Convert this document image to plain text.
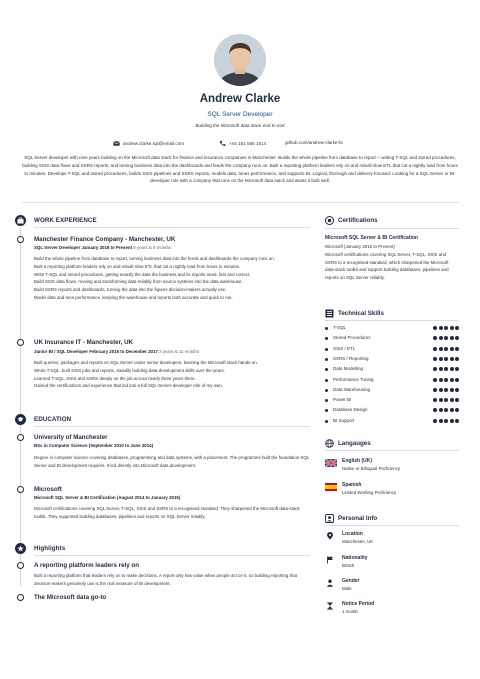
Andrew Clarke
SQL Server Developer
Building the Microsoft data stack end to end
andrew.clarke.sql@email.com	+44 161 555 1514	github.com/andrew-clarke-bi
SQL Server developer with nine years building on the Microsoft data stack for finance and insurance companies in Manchester. Builds the whole pipeline from database to report -- writing T-SQL and stored procedures, building SSIS data flows and SSRS reports, and turning business data into the dashboards and feeds the company runs on. Built a reporting platform leaders rely on and rebuilt slow ETL that cut a nightly load from hours to minutes. Develops T-SQL and stored procedures, builds SSIS pipelines and SSRS reports, models data, tunes performance, and supports BI. Logical, thorough and delivery-focused. Looking for a SQL-Server or BI-developer role with a company that runs on the Microsoft data stack and wants it built well.
WORK EXPERIENCE
Manchester Finance Company - Manchester, UK
SQL Server Developer January 2018 to Present 8 years & 9 months
Build the whole pipeline from database to report, turning business data into the feeds and dashboards the company runs on.
Built a reporting platform leaders rely on and rebuilt slow ETL that cut a nightly load from hours to minutes.
Write T-SQL and stored procedures, getting exactly the data the business and its reports need, fast and correct.
Build SSIS data flows, moving and transforming data reliably from source systems into the data warehouse.
Build SSRS reports and dashboards, turning the data into the figures decision-makers actually use.
Model data and tune performance, keeping the warehouse and reports both accurate and quick to run.
UK Insurance IT - Manchester, UK
Junior BI / SQL Developer February 2015 to December 2017 2 years & 11 months
Built queries, packages and reports on SQL Server under senior developers, learning the Microsoft stack hands-on.
Wrote T-SQL, built SSIS jobs and reports, steadily building data-development skills over the years.
Learned T-SQL, SSIS and SSRS deeply on the job across nearly three years there.
Gained the certifications and experience that led into a full SQL-Server-developer role of my own.
EDUCATION
University of Manchester
BSc in Computer Science (September 2010 to June 2014)
Degree in computer science covering databases, programming and data systems, with a placement. The programme built the foundation SQL Server and BI development requires. It led directly into Microsoft data development.
Microsoft
Microsoft SQL Server & BI Certification (August 2014 to January 2015)
Microsoft certifications covering SQL Server, T-SQL, SSIS and SSRS to a recognised standard. They sharpened the Microsoft data-stack toolkit. They supported building databases, pipelines and reports on SQL Server reliably.
Highlights
A reporting platform leaders rely on
Built a reporting platform that leaders rely on to make decisions. A report only has value when people act on it, so building reporting that decision-makers genuinely use is the real measure of BI development.
The Microsoft data go-to
Certifications
Microsoft SQL Server & BI Certification
Microsoft (January 2015 to Present)
Microsoft certifications covering SQL Server, T-SQL, SSIS and SSRS to a recognised standard, which sharpened the Microsoft data-stack toolkit and support building databases, pipelines and reports on SQL Server reliably.
Technical Skills
T-SQL
Stored Procedures
SSIS / ETL
SSRS / Reporting
Data Modelling
Performance Tuning
Data Warehousing
Power BI
Database Design
BI Support
Langauges
English (UK)
Native or Bilingual Proficiency
Spanish
Limited Working Proficiency
Personal Info
Location
Manchester, UK
Nationality
British
Gender
Male
Notice Period
1 month
